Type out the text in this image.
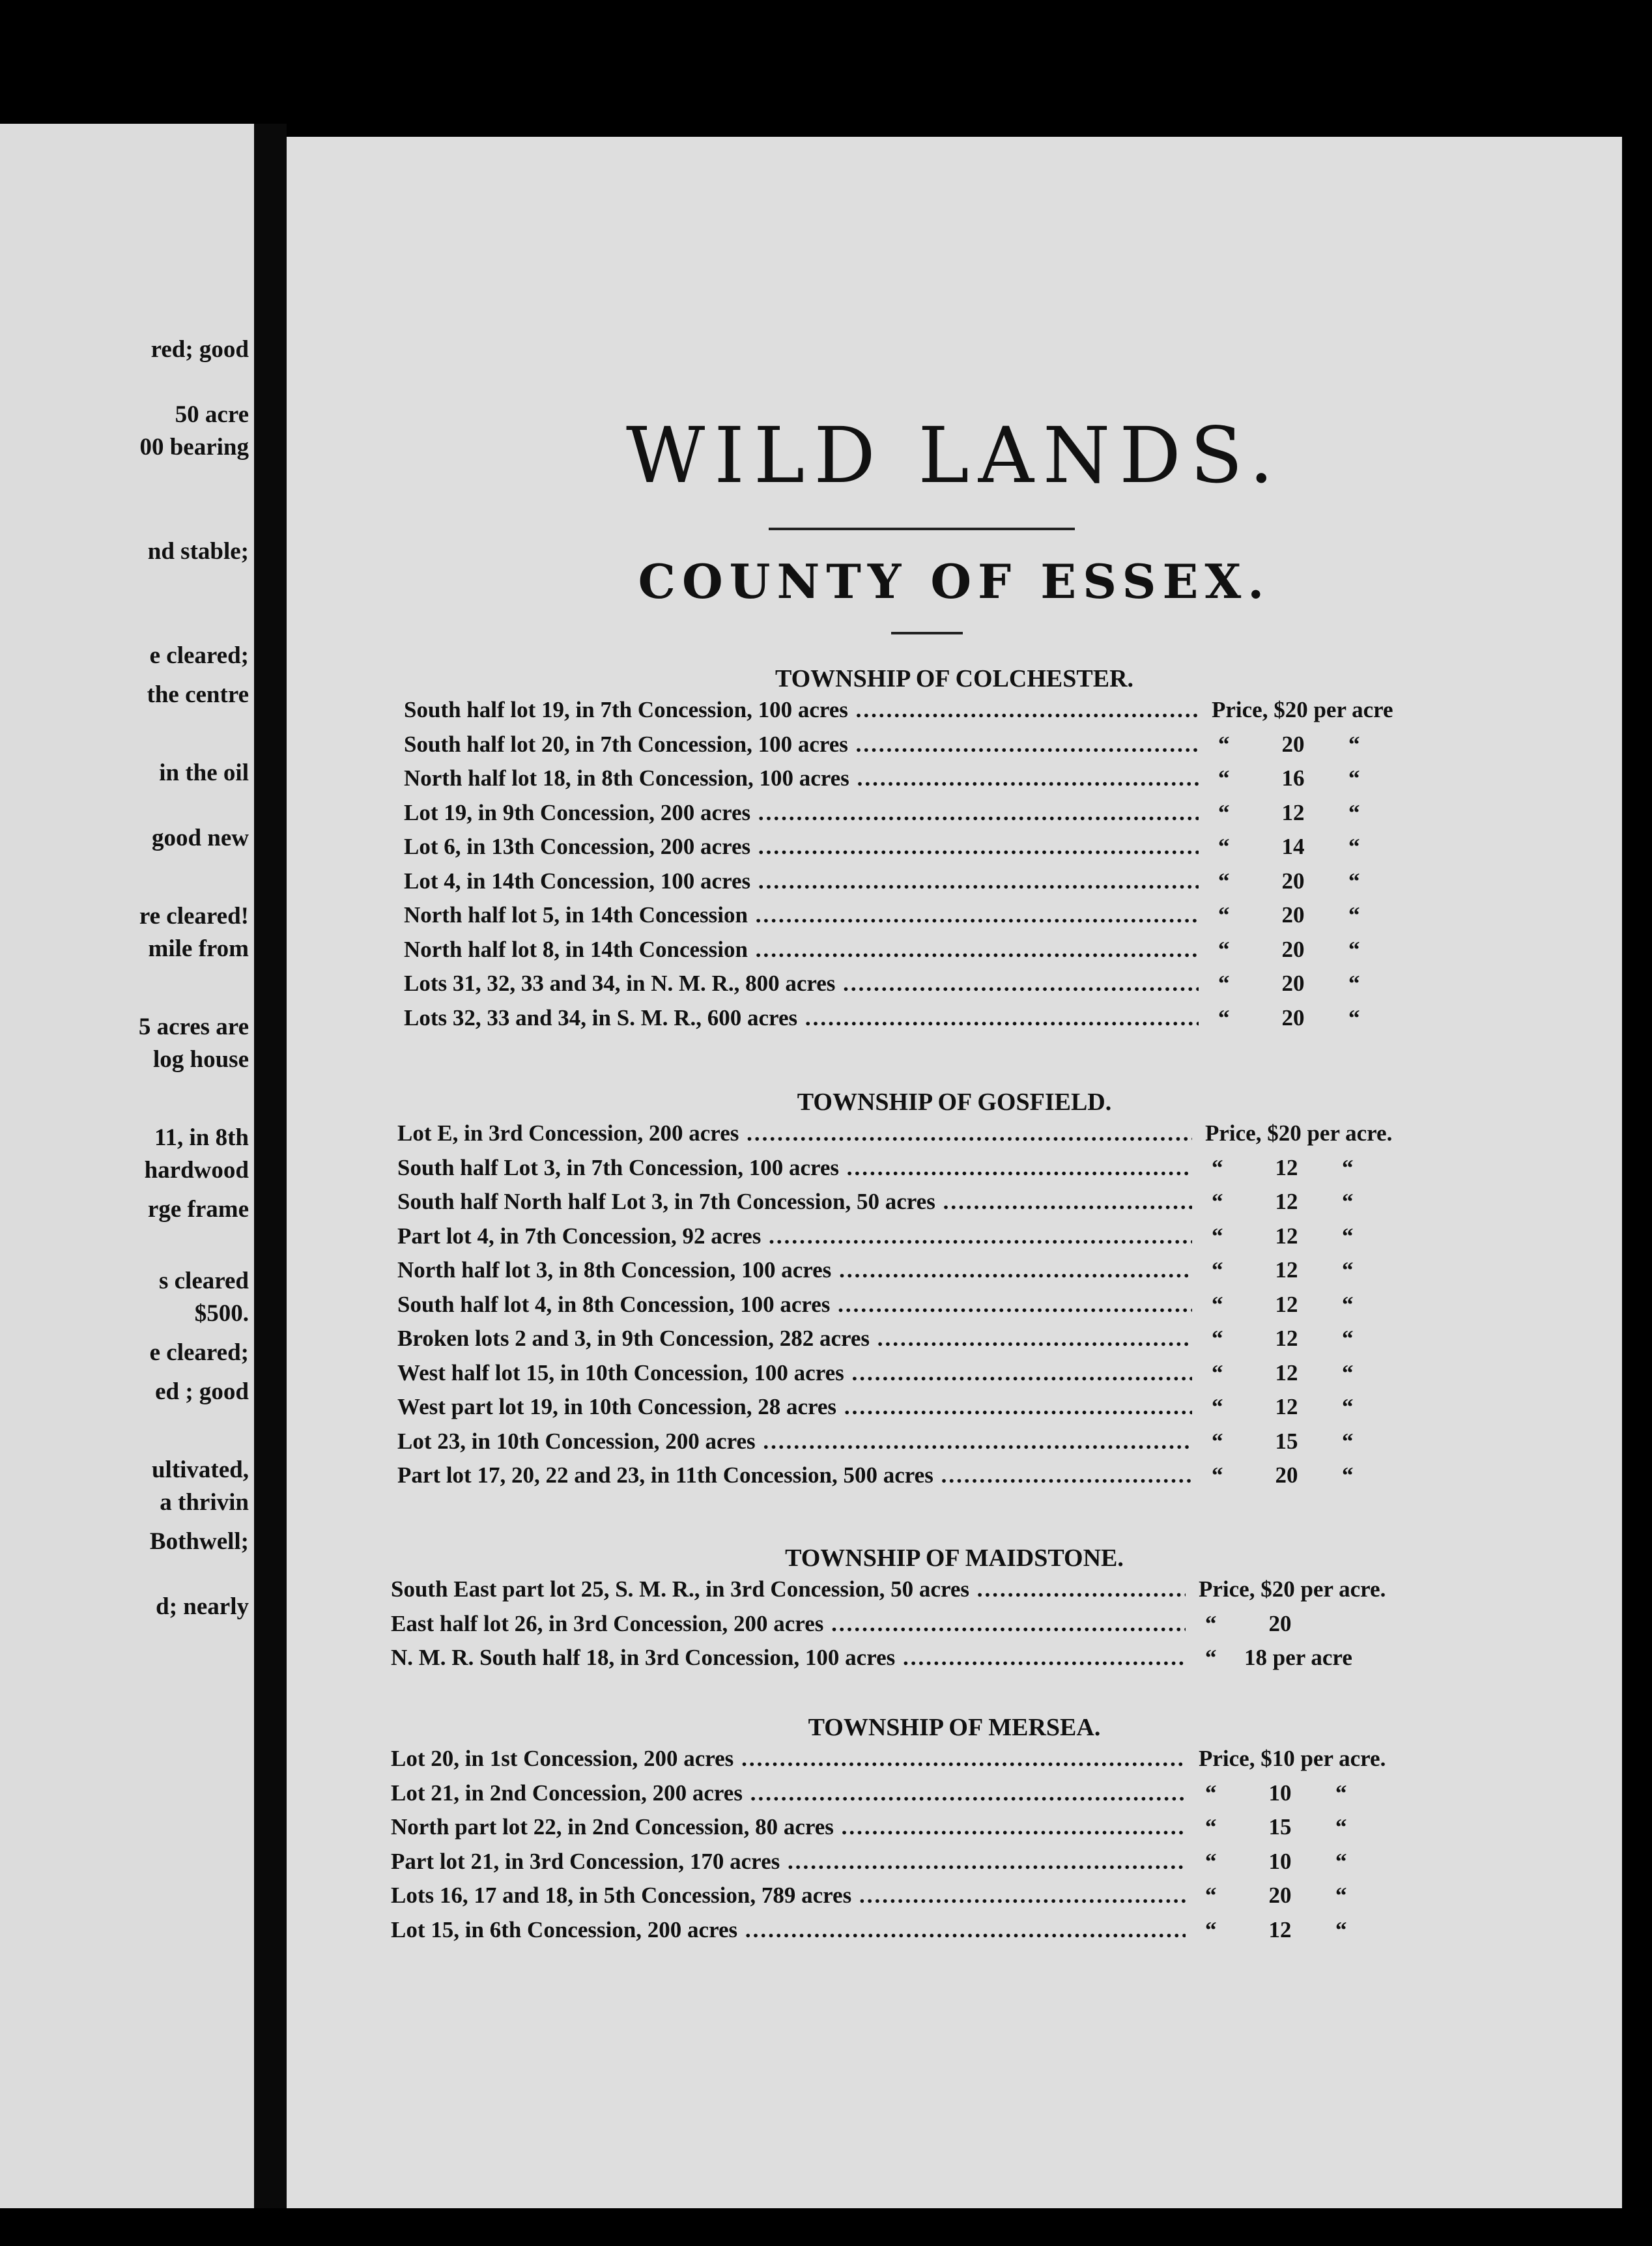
red; good
50 acre
00 bearing
nd stable;
e cleared;
the centre
in the oil
good new
re cleared!
mile from
5 acres are
log house
11, in 8th
hardwood
rge frame
s cleared
$500.
e cleared;
ed ; good
ultivated,
a thrivin
Bothwell;
d; nearly
WILD LANDS.
COUNTY OF ESSEX.
TOWNSHIP OF COLCHESTER.
South half lot 19, in 7th Concession, 100 acres .....	Price, $20 per acre
South half lot 20, in 7th Concession, 100 acres .....	“	20	“
North half lot 18, in 8th Concession, 100 acres .....	“	16	“
Lot 19, in 9th Concession, 200 acres .....	“	12	“
Lot 6, in 13th Concession, 200 acres .....	“	14	“
Lot 4, in 14th Concession, 100 acres .....	“	20	“
North half lot 5, in 14th Concession .....	“	20	“
North half lot 8, in 14th Concession .....	“	20	“
Lots 31, 32, 33 and 34, in N. M. R., 800 acres .....	“	20	“
Lots 32, 33 and 34, in S. M. R., 600 acres .....	“	20	“
TOWNSHIP OF GOSFIELD.
Lot E, in 3rd Concession, 200 acres .....	Price, $20 per acre.
South half Lot 3, in 7th Concession, 100 acres .....	“	12	“
South half North half Lot 3, in 7th Concession, 50 acres .....	“	12	“
Part lot 4, in 7th Concession, 92 acres .....	“	12	“
North half lot 3, in 8th Concession, 100 acres .....	“	12	“
South half lot 4, in 8th Concession, 100 acres .....	“	12	“
Broken lots 2 and 3, in 9th Concession, 282 acres .....	“	12	“
West half lot 15, in 10th Concession, 100 acres .....	“	12	“
West part lot 19, in 10th Concession, 28 acres .....	“	12	“
Lot 23, in 10th Concession, 200 acres .....	“	15	“
Part lot 17, 20, 22 and 23, in 11th Concession, 500 acres .....	“	20	“
TOWNSHIP OF MAIDSTONE.
South East part lot 25, S. M. R., in 3rd Concession, 50 acres .....	Price, $20 per acre.
East half lot 26, in 3rd Concession, 200 acres .....	“	20
N. M. R. South half 18, in 3rd Concession, 100 acres .....	“ 18 per acre
TOWNSHIP OF MERSEA.
Lot 20, in 1st Concession, 200 acres .....	Price, $10 per acre.
Lot 21, in 2nd Concession, 200 acres .....	“	10	“
North part lot 22, in 2nd Concession, 80 acres .....	“	15	“
Part lot 21, in 3rd Concession, 170 acres .....	“	10	“
Lots 16, 17 and 18, in 5th Concession, 789 acres .....	“	20	“
Lot 15, in 6th Concession, 200 acres .....	“	12	“
